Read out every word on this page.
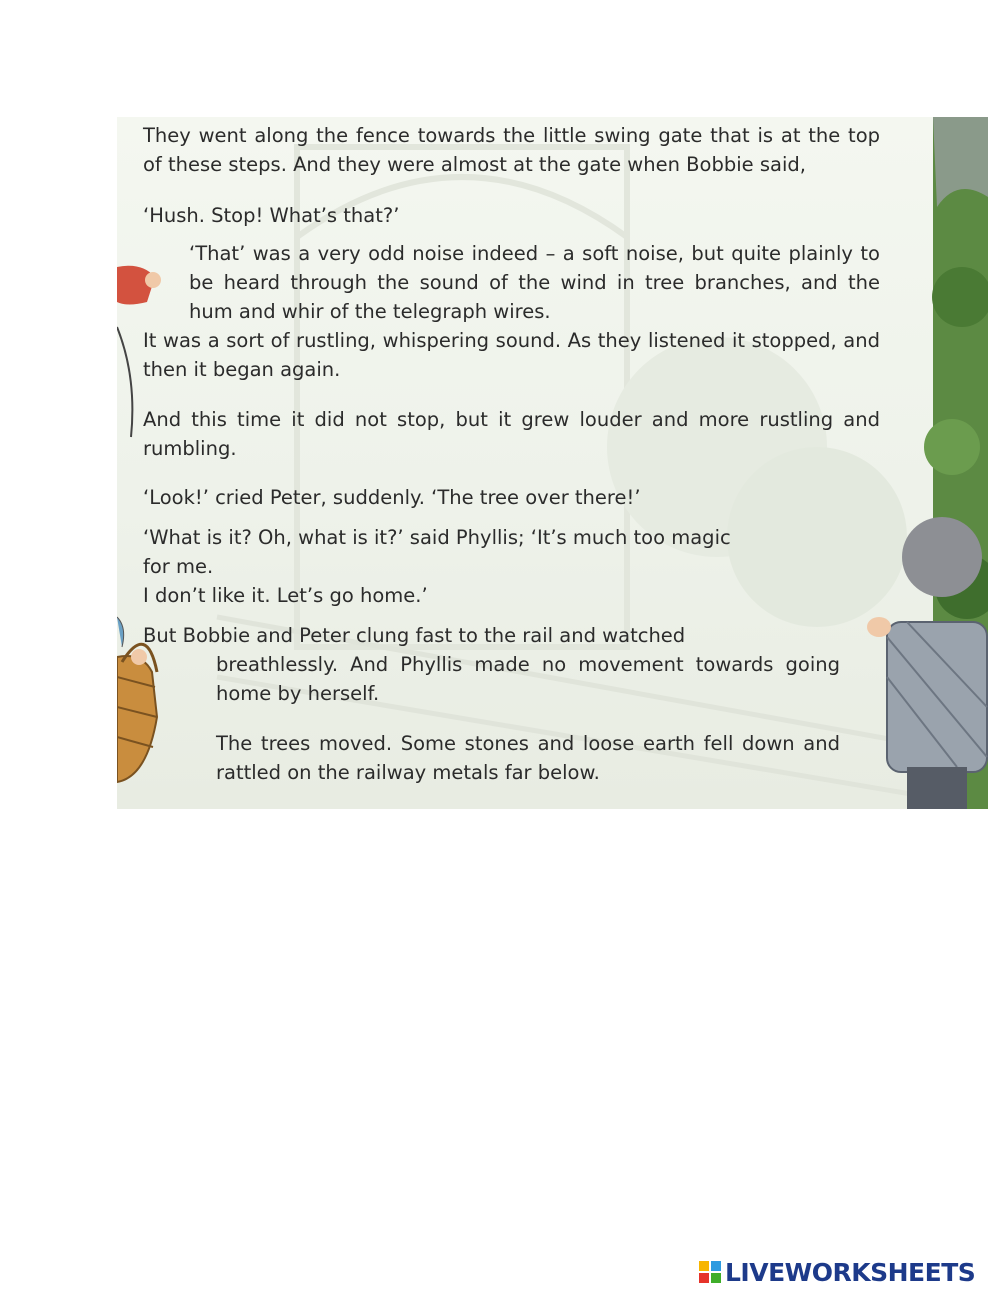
They went along the fence towards the little swing gate that is at the top of these steps. And they were almost at the gate when Bobbie said,

‘Hush. Stop! What’s that?’

‘That’ was a very odd noise indeed – a soft noise, but quite plainly to be heard through the sound of the wind in tree branches, and the hum and whir of the telegraph wires.
It was a sort of rustling, whispering sound. As they listened it stopped, and then it began again.

And this time it did not stop, but it grew louder and more rustling and rumbling.

‘Look!’ cried Peter, suddenly. ‘The tree over there!’

‘What is it? Oh, what is it?’ said Phyllis; ‘It’s much too magic for me.
I don’t like it. Let’s go home.’

But Bobbie and Peter clung fast to the rail and watched
breathlessly. And Phyllis made no movement towards going home by herself.

The trees moved. Some stones and loose earth fell down and rattled on the railway metals far below.

LIVEWORKSHEETS
